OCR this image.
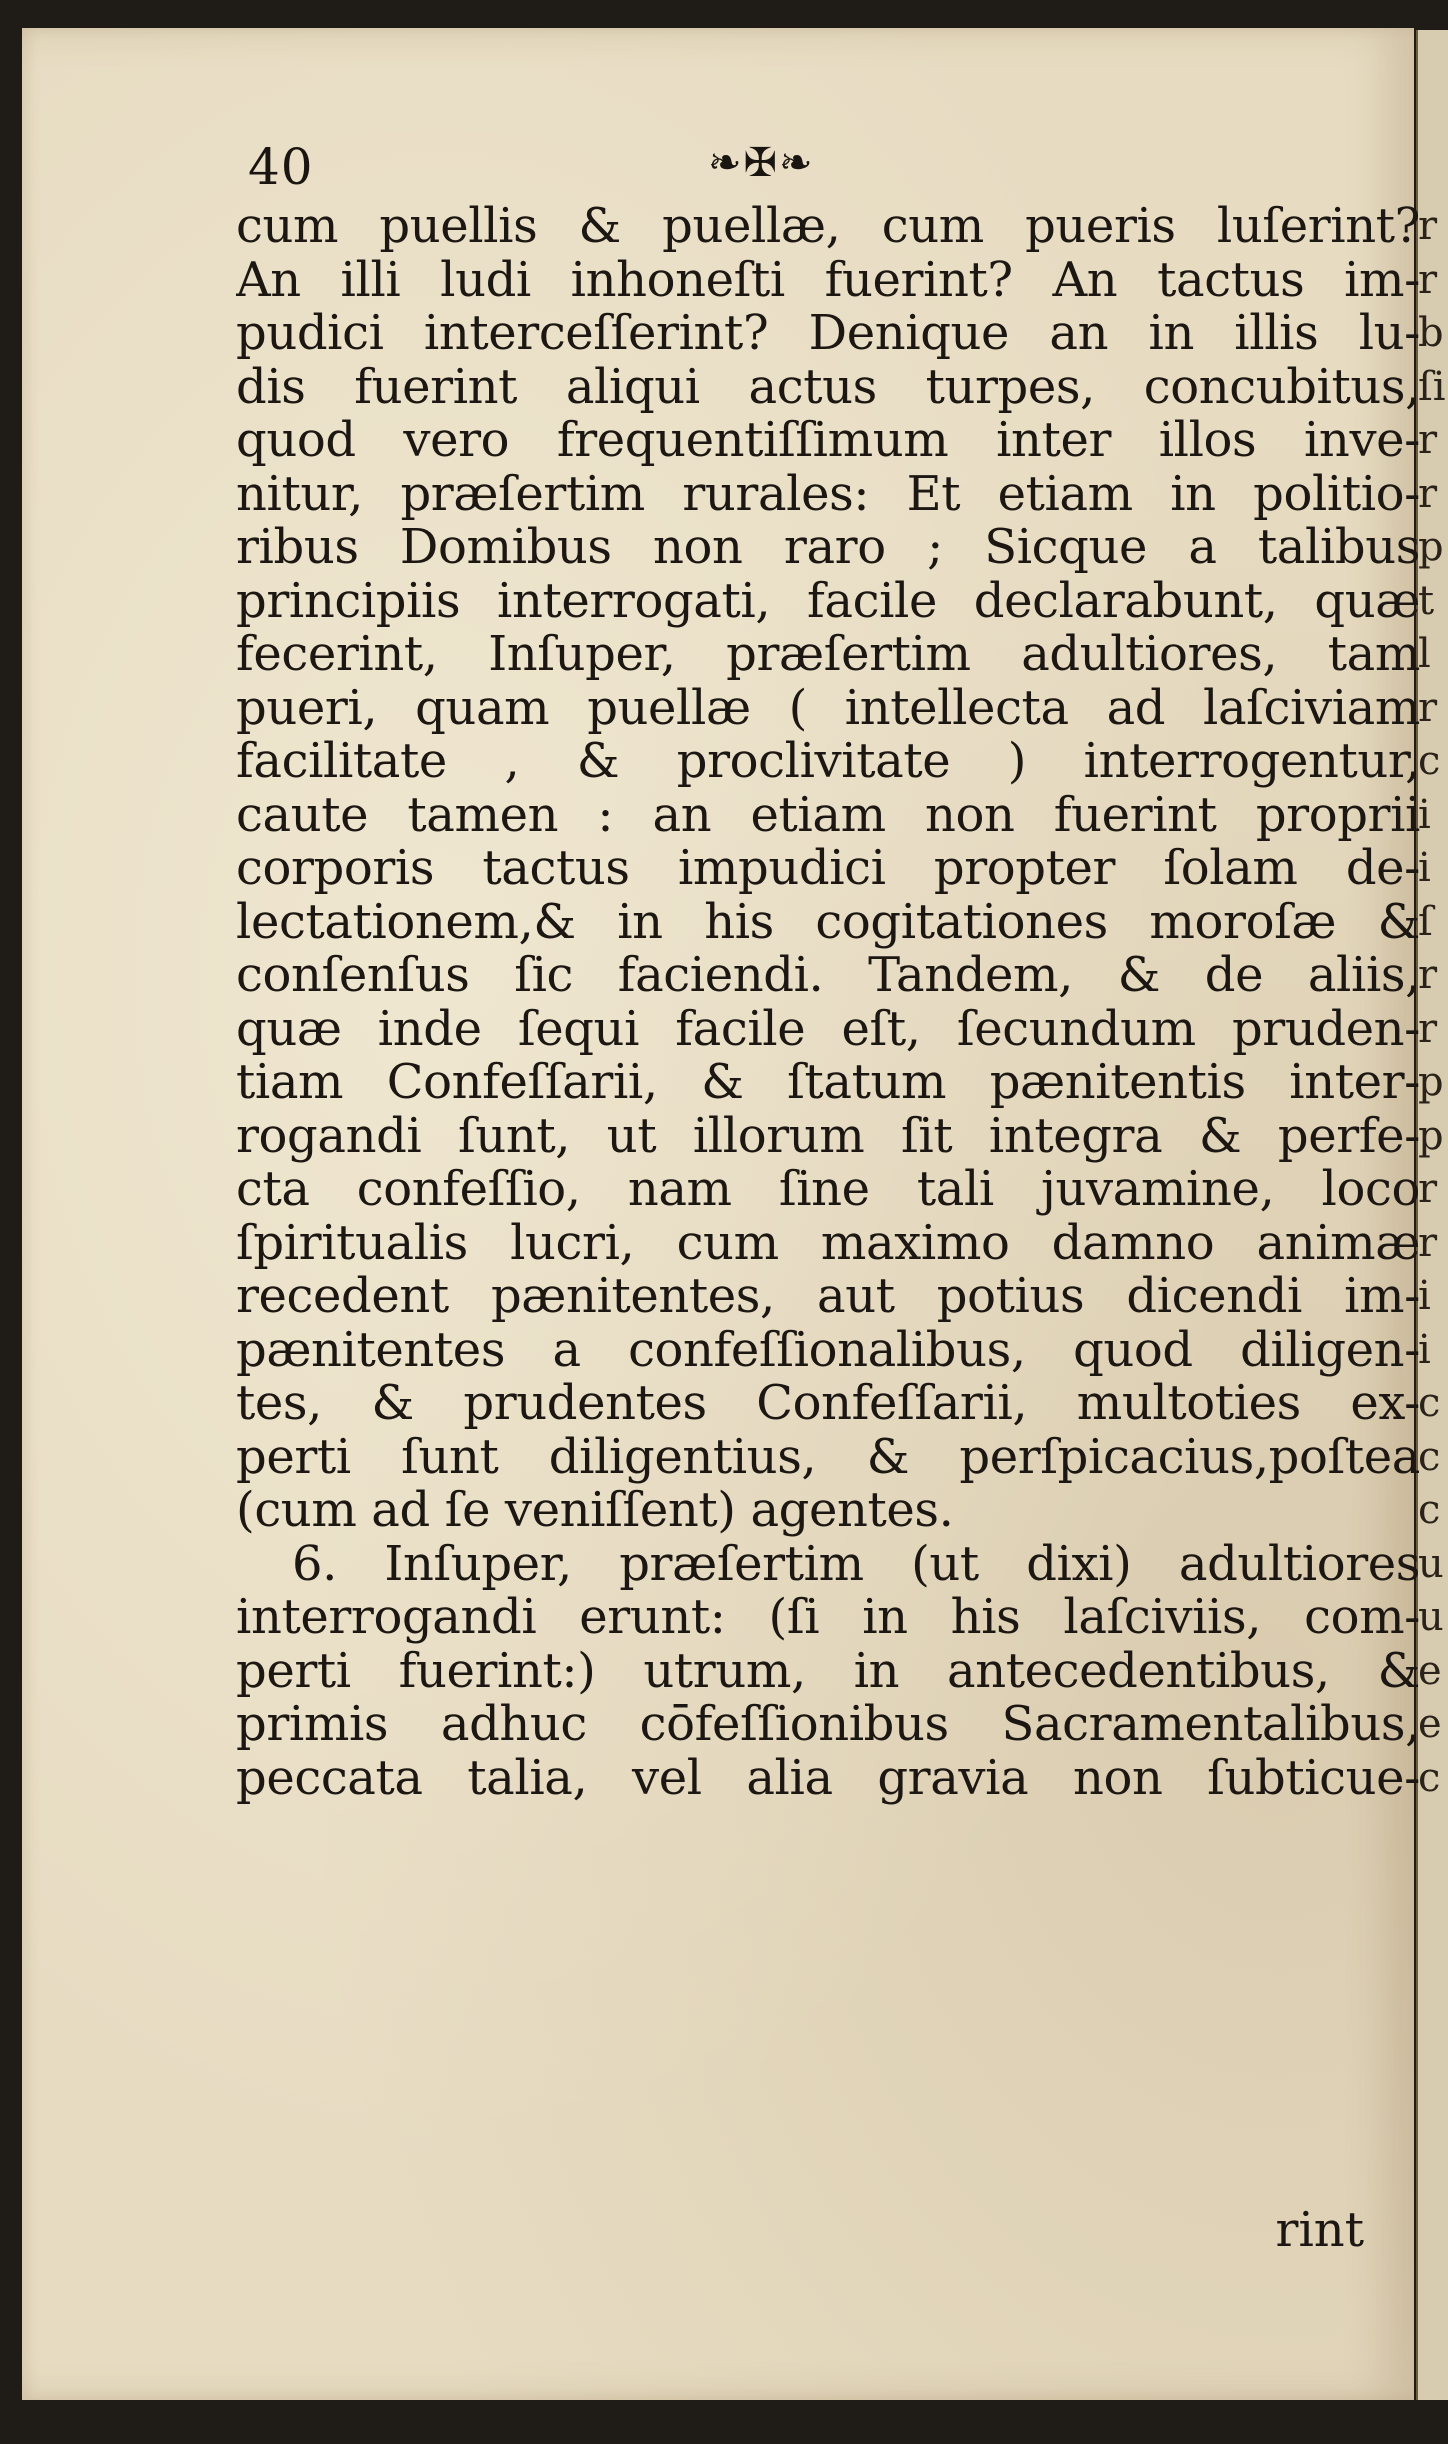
40	❧✠❧
cum puellis & puellæ, cum pueris luſerint?
An illi ludi inhoneſti fuerint? An tactus im-
pudici interceſſerint? Denique an in illis lu-
dis fuerint aliqui actus turpes, concubitus,
quod vero frequentiſſimum inter illos inve-
nitur, præſertim rurales: Et etiam in politio-
ribus Domibus non raro ; Sicque a talibus
principiis interrogati, facile declarabunt, quæ
fecerint, Inſuper, præſertim adultiores, tam
pueri, quam puellæ ( intellecta ad laſciviam
facilitate , & proclivitate ) interrogentur,
caute tamen : an etiam non fuerint proprii
corporis tactus impudici propter ſolam de-
lectationem,& in his cogitationes moroſæ &
conſenſus ſic faciendi. Tandem, & de aliis,
quæ inde ſequi facile eſt, ſecundum pruden-
tiam Confeſſarii, & ſtatum pænitentis inter-
rogandi ſunt, ut illorum ſit integra & perfe-
cta confeſſio, nam ſine tali juvamine, loco
ſpiritualis lucri, cum maximo damno animæ
recedent pænitentes, aut potius dicendi im-
pænitentes a confeſſionalibus, quod diligen-
tes, & prudentes Confeſſarii, multoties ex-
perti ſunt diligentius, & perſpicacius,poſtea
(cum ad ſe veniſſent) agentes.
6. Inſuper, præſertim (ut dixi) adultiores
interrogandi erunt: (ſi in his laſciviis, com-
perti fuerint:) utrum, in antecedentibus, &
primis adhuc cōfeſſionibus Sacramentalibus,
peccata talia, vel alia gravia non ſubticue-
rint
r
r
b
ſi
r
r
p
t
l
r
c
i
i
ſ
r
r
p
p
r
r
i
i
c
c
c
u
u
e
e
c
